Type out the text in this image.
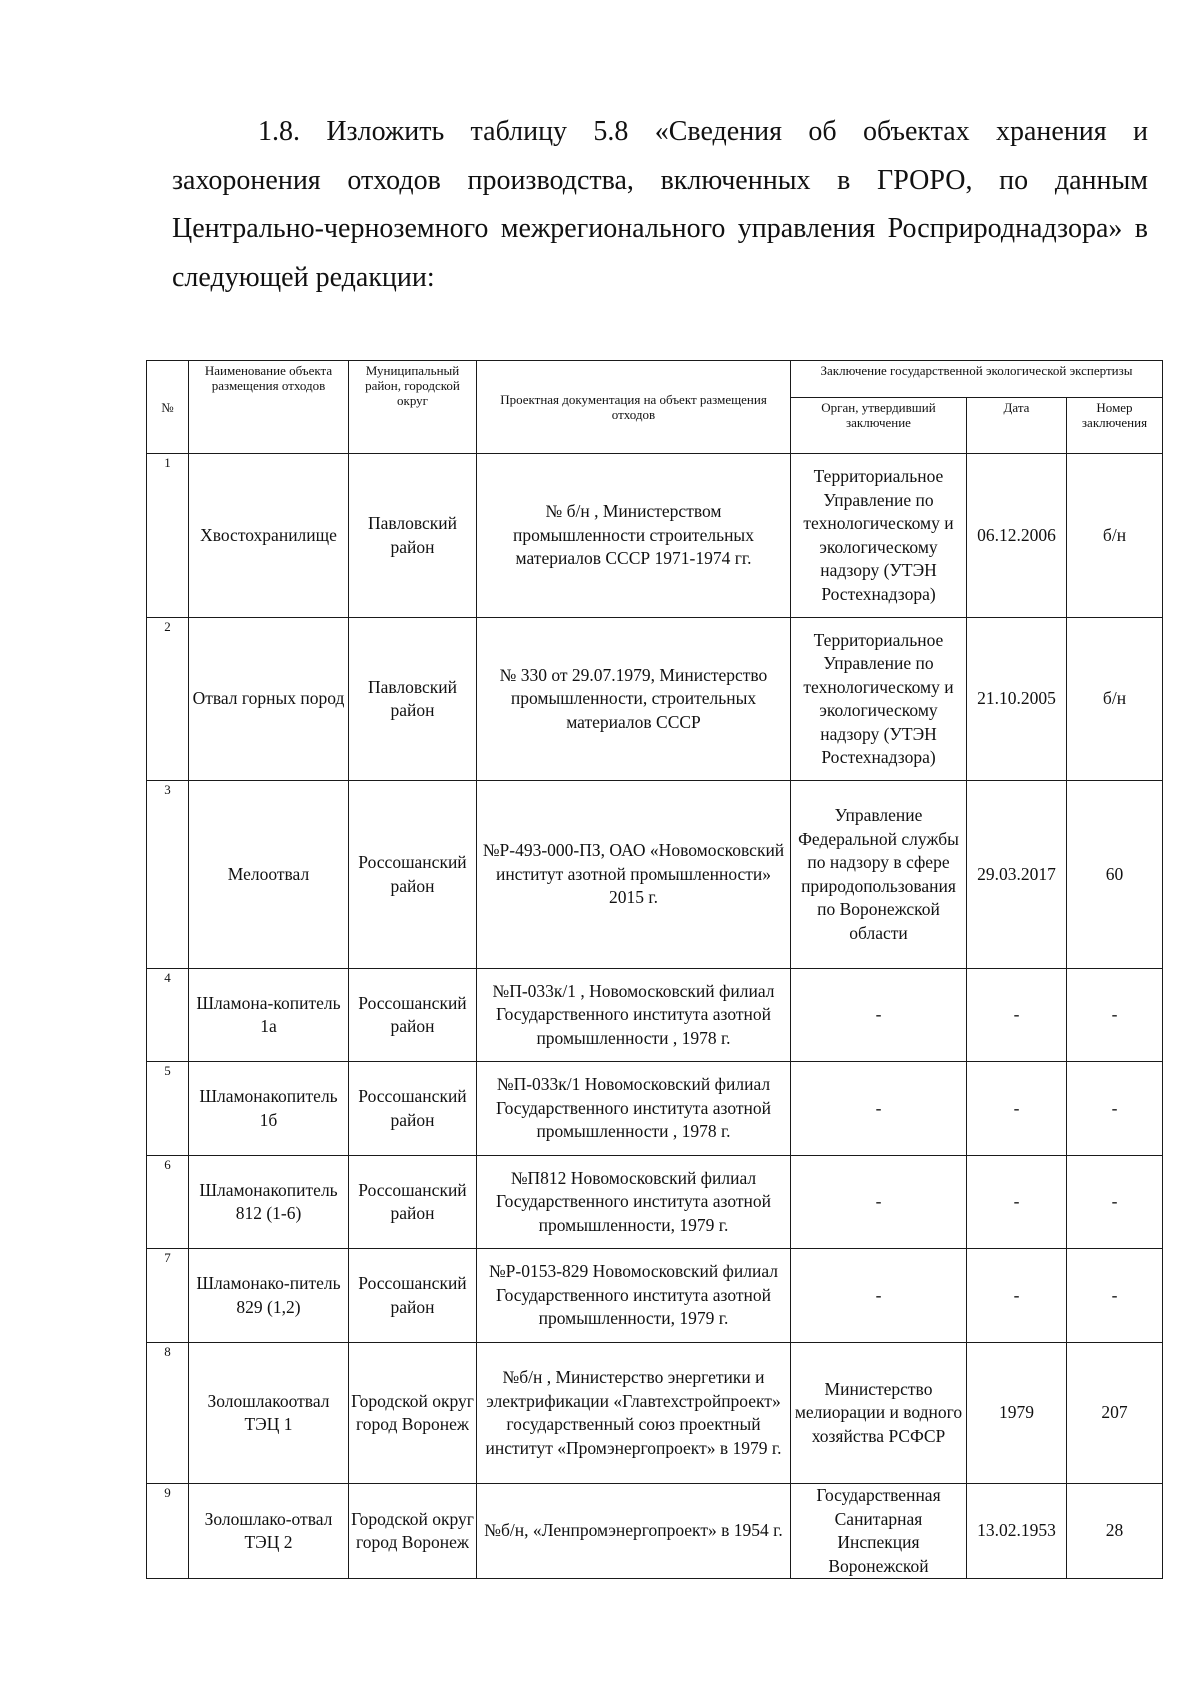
1.8. Изложить таблицу 5.8 «Сведения об объектах хранения и
захоронения отходов производства, включенных в ГРОРО, по данным
Центрально-черноземного межрегионального управления Росприроднадзора» в
следующей редакции:
№	Наименование объекта размещения отходов	Муниципальный район, городской округ	Проектная документация на объект размещения отходов	Заключение государственной экологической экспертизы		
				Орган, утвердивший заключение	Дата	Номер заключения
1	Хвостохранилище	Павловский район	№ б/н , Министерством промышленности строительных материалов СССР 1971-1974 гг.	Территориальное Управление по технологическому и экологическому надзору (УТЭН Ростехнадзора)	06.12.2006	б/н
2	Отвал горных пород	Павловский район	№ 330 от 29.07.1979, Министерство промышленности, строительных материалов СССР	Территориальное Управление по технологическому и экологическому надзору (УТЭН Ростехнадзора)	21.10.2005	б/н
3	Мелоотвал	Россошанский район	№Р-493-000-ПЗ, ОАО «Новомосковский институт азотной промышленности» 2015 г.	Управление Федеральной службы по надзору в сфере природопользования по Воронежской области	29.03.2017	60
4	Шламона-копитель 1а	Россошанский район	№П-033к/1 , Новомосковский филиал Государственного института азотной промышленности , 1978 г.	-	-	-
5	Шламонакопитель 1б	Россошанский район	№П-033к/1 Новомосковский филиал Государственного института азотной промышленности , 1978 г.	-	-	-
6	Шламонакопитель 812 (1-6)	Россошанский район	№П812 Новомосковский филиал Государственного института азотной промышленности, 1979 г.	-	-	-
7	Шламонако-питель 829 (1,2)	Россошанский район	№Р-0153-829 Новомосковский филиал Государственного института азотной промышленности, 1979 г.	-	-	-
8	Золошлакоотвал ТЭЦ 1	Городской округ город Воронеж	№б/н , Министерство энергетики и электрификации «Главтехстройпроект» государственный союз проектный институт «Промэнергопроект» в 1979 г.	Министерство мелиорации и водного хозяйства РСФСР	1979	207
9	Золошлако-отвал ТЭЦ 2	Городской округ город Воронеж	№б/н, «Ленпромэнергопроект» в 1954 г.	Государственная Санитарная Инспекция Воронежской	13.02.1953	28
